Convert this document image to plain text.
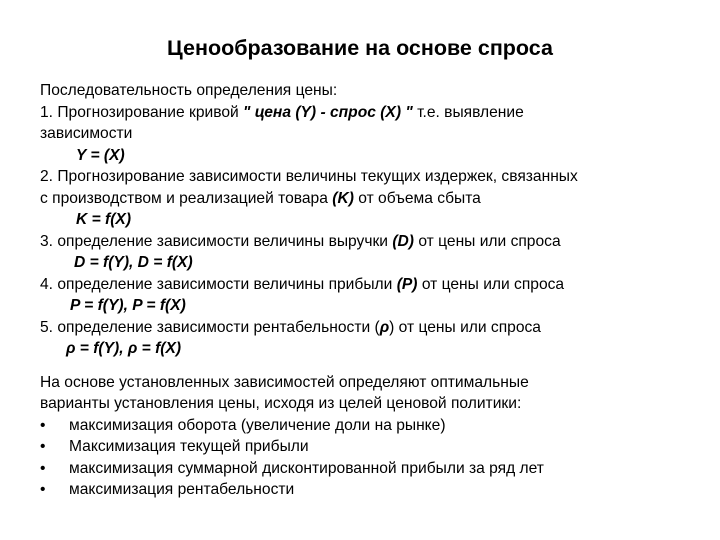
Ценообразование на основе спроса
Последовательность определения цены:
1. Прогнозирование кривой " цена (Y) - спрос (X) " т.е. выявление
зависимости
Y = (X)
2. Прогнозирование зависимости величины текущих издержек, связанных
с производством и реализацией товара (K) от объема сбыта
K = f(X)
3. определение зависимости величины выручки (D) от цены или спроса
D = f(Y), D = f(X)
4. определение зависимости величины прибыли (P) от цены или спроса
P = f(Y), P = f(X)
5. определение зависимости рентабельности (ρ) от цены или спроса
ρ = f(Y), ρ = f(X)
На основе установленных зависимостей определяют оптимальные
варианты установления цены, исходя из целей ценовой политики:
• максимизация оборота (увеличение доли на рынке)
• Максимизация текущей прибыли
• максимизация суммарной дисконтированной прибыли за ряд лет
• максимизация рентабельности
